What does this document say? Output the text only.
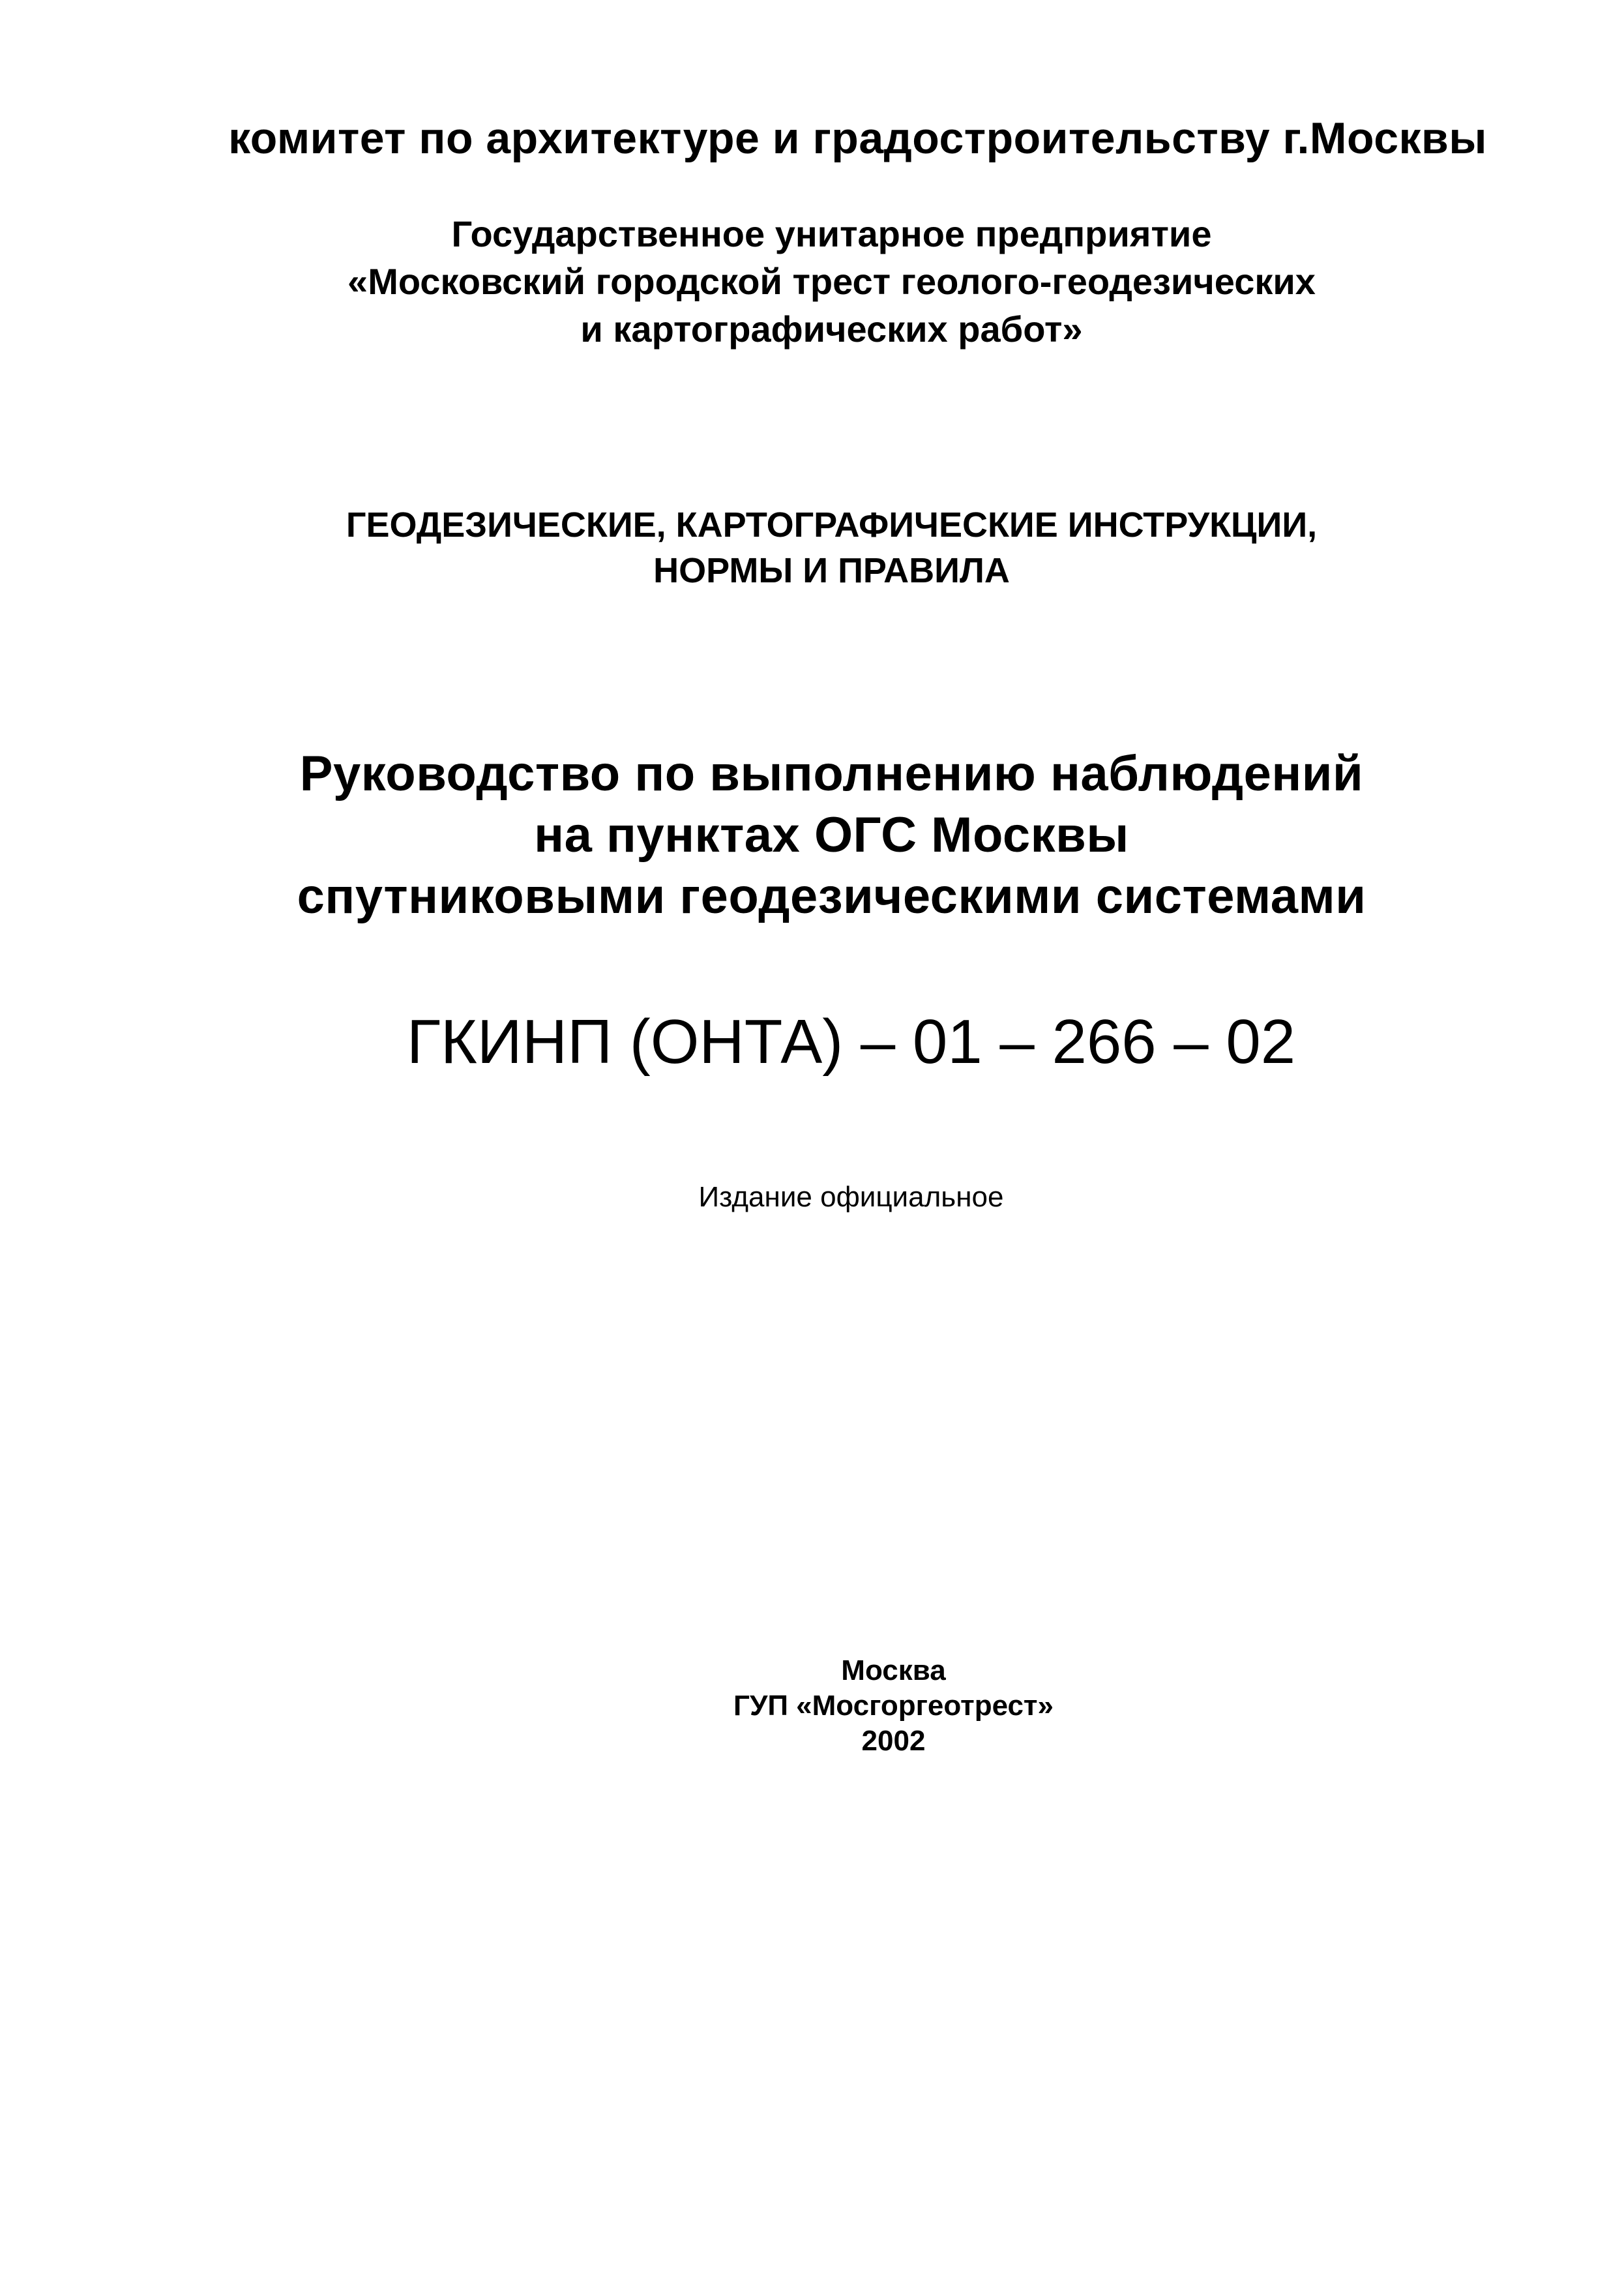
комитет по архитектуре и градостроительству г.Москвы
Государственное унитарное предприятие
«Московский городской трест геолого-геодезических
и картографических работ»
ГЕОДЕЗИЧЕСКИЕ, КАРТОГРАФИЧЕСКИЕ ИНСТРУКЦИИ,
НОРМЫ И ПРАВИЛА
Руководство по выполнению наблюдений
на пунктах ОГС Москвы
спутниковыми геодезическими системами
ГКИНП (ОНТА) – 01 – 266 – 02
Издание официальное
Москва
ГУП «Мосгоргеотрест»
2002
